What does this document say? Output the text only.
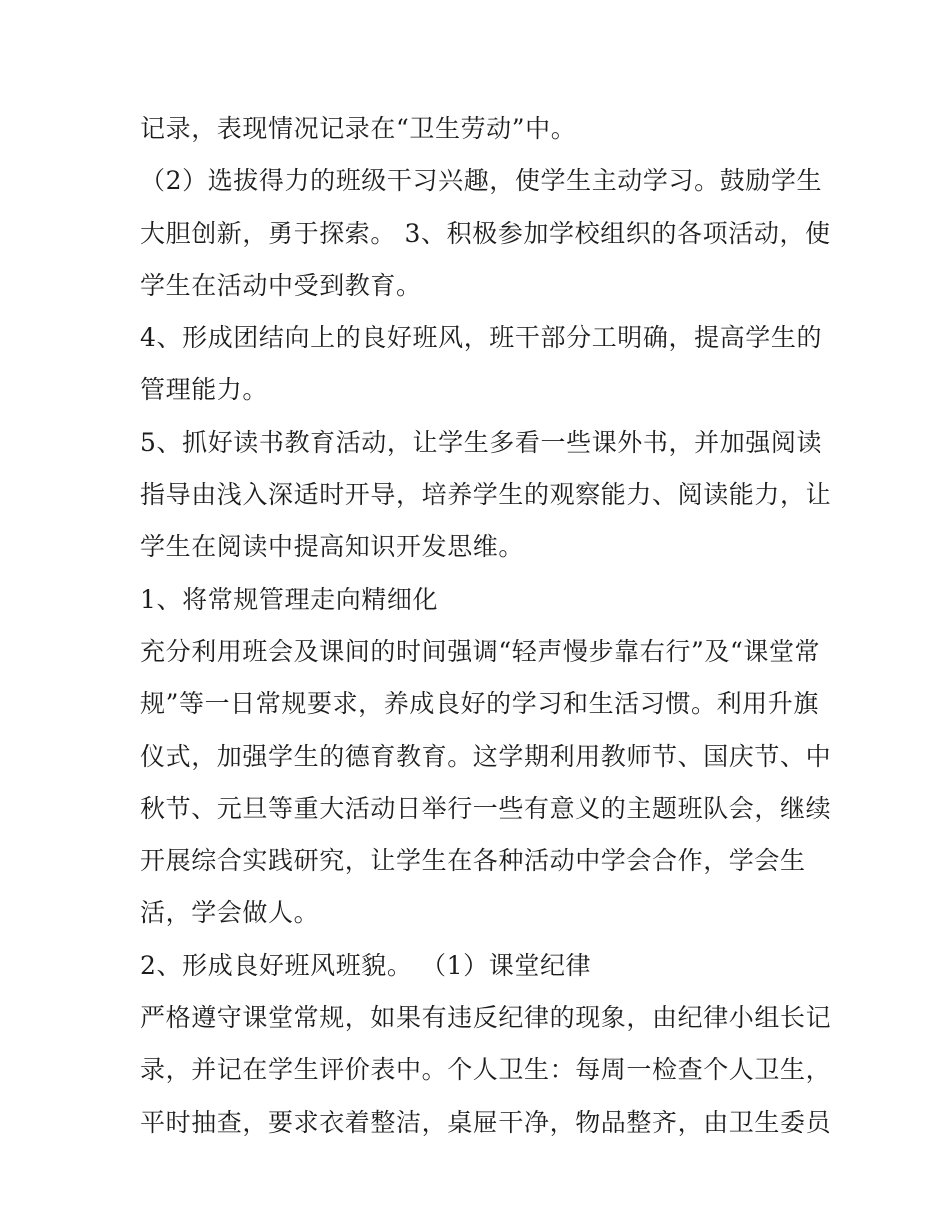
记录，表现情况记录在“卫生劳动”中。
（2）选拔得力的班级干习兴趣，使学生主动学习。鼓励学生
大胆创新，勇于探索。 3、积极参加学校组织的各项活动，使
学生在活动中受到教育。
4、形成团结向上的良好班风，班干部分工明确，提高学生的
管理能力。
5、抓好读书教育活动，让学生多看一些课外书，并加强阅读
指导由浅入深适时开导，培养学生的观察能力、阅读能力，让
学生在阅读中提高知识开发思维。
1、将常规管理走向精细化
充分利用班会及课间的时间强调“轻声慢步靠右行”及“课堂常
规”等一日常规要求，养成良好的学习和生活习惯。利用升旗
仪式，加强学生的德育教育。这学期利用教师节、国庆节、中
秋节、元旦等重大活动日举行一些有意义的主题班队会，继续
开展综合实践研究，让学生在各种活动中学会合作，学会生
活，学会做人。
2、形成良好班风班貌。 （1）课堂纪律
严格遵守课堂常规，如果有违反纪律的现象，由纪律小组长记
录，并记在学生评价表中。个人卫生：每周一检查个人卫生，
平时抽查，要求衣着整洁，桌屉干净，物品整齐，由卫生委员
